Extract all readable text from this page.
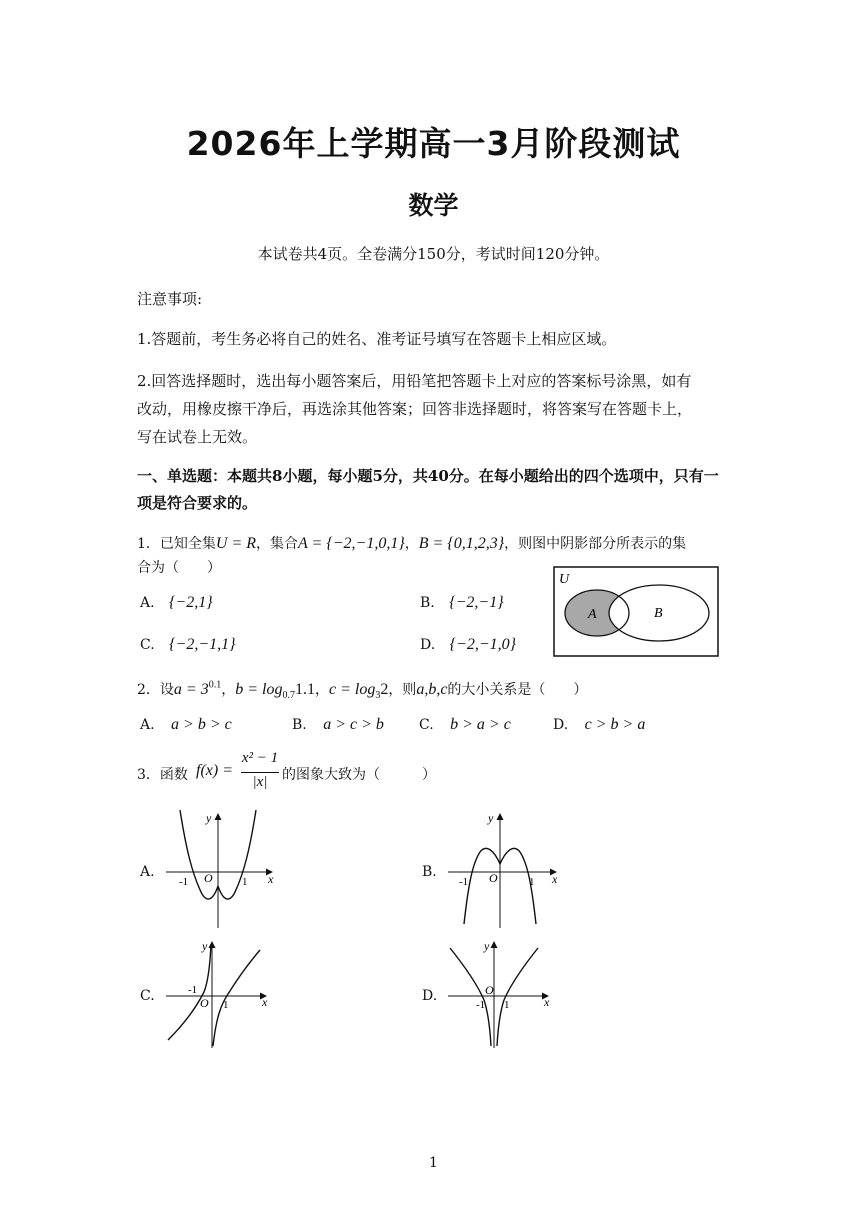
2026年上学期高一3月阶段测试
数学
本试卷共4页。全卷满分150分，考试时间120分钟。
注意事项:
1.答题前，考生务必将自己的姓名、准考证号填写在答题卡上相应区域。
2.回答选择题时，选出每小题答案后，用铅笔把答题卡上对应的答案标号涂黑，如有
改动，用橡皮擦干净后，再选涂其他答案；回答非选择题时，将答案写在答题卡上，
写在试卷上无效。
一、单选题：本题共8小题，每小题5分，共40分。在每小题给出的四个选项中，只有一
项是符合要求的。
1．已知全集U = R，集合A = {−2,−1,0,1}，B = {0,1,2,3}，则图中阴影部分所表示的集
合为（　　）
A. {−2,1}	B. {−2,−1}
C. {−2,−1,1}	D. {−2,−1,0}
U
A	B
2．设$a = 3^{0.1}$，$b = \log_{0.7}1.1$，$c = \log_32$，则a,b,c的大小关系是（　　）
A. a > b > c	B. a > c > b	C. b > a > c	D. c > b > a
3．函数 f(x) =
x² − 1
|x|	的图象大致为（　　　）
A.	B.
C.	D.
x
y
O
-1	1	x
y
O
-1	1
x
y
O
-1
1	x
y
O
-1 1
1
